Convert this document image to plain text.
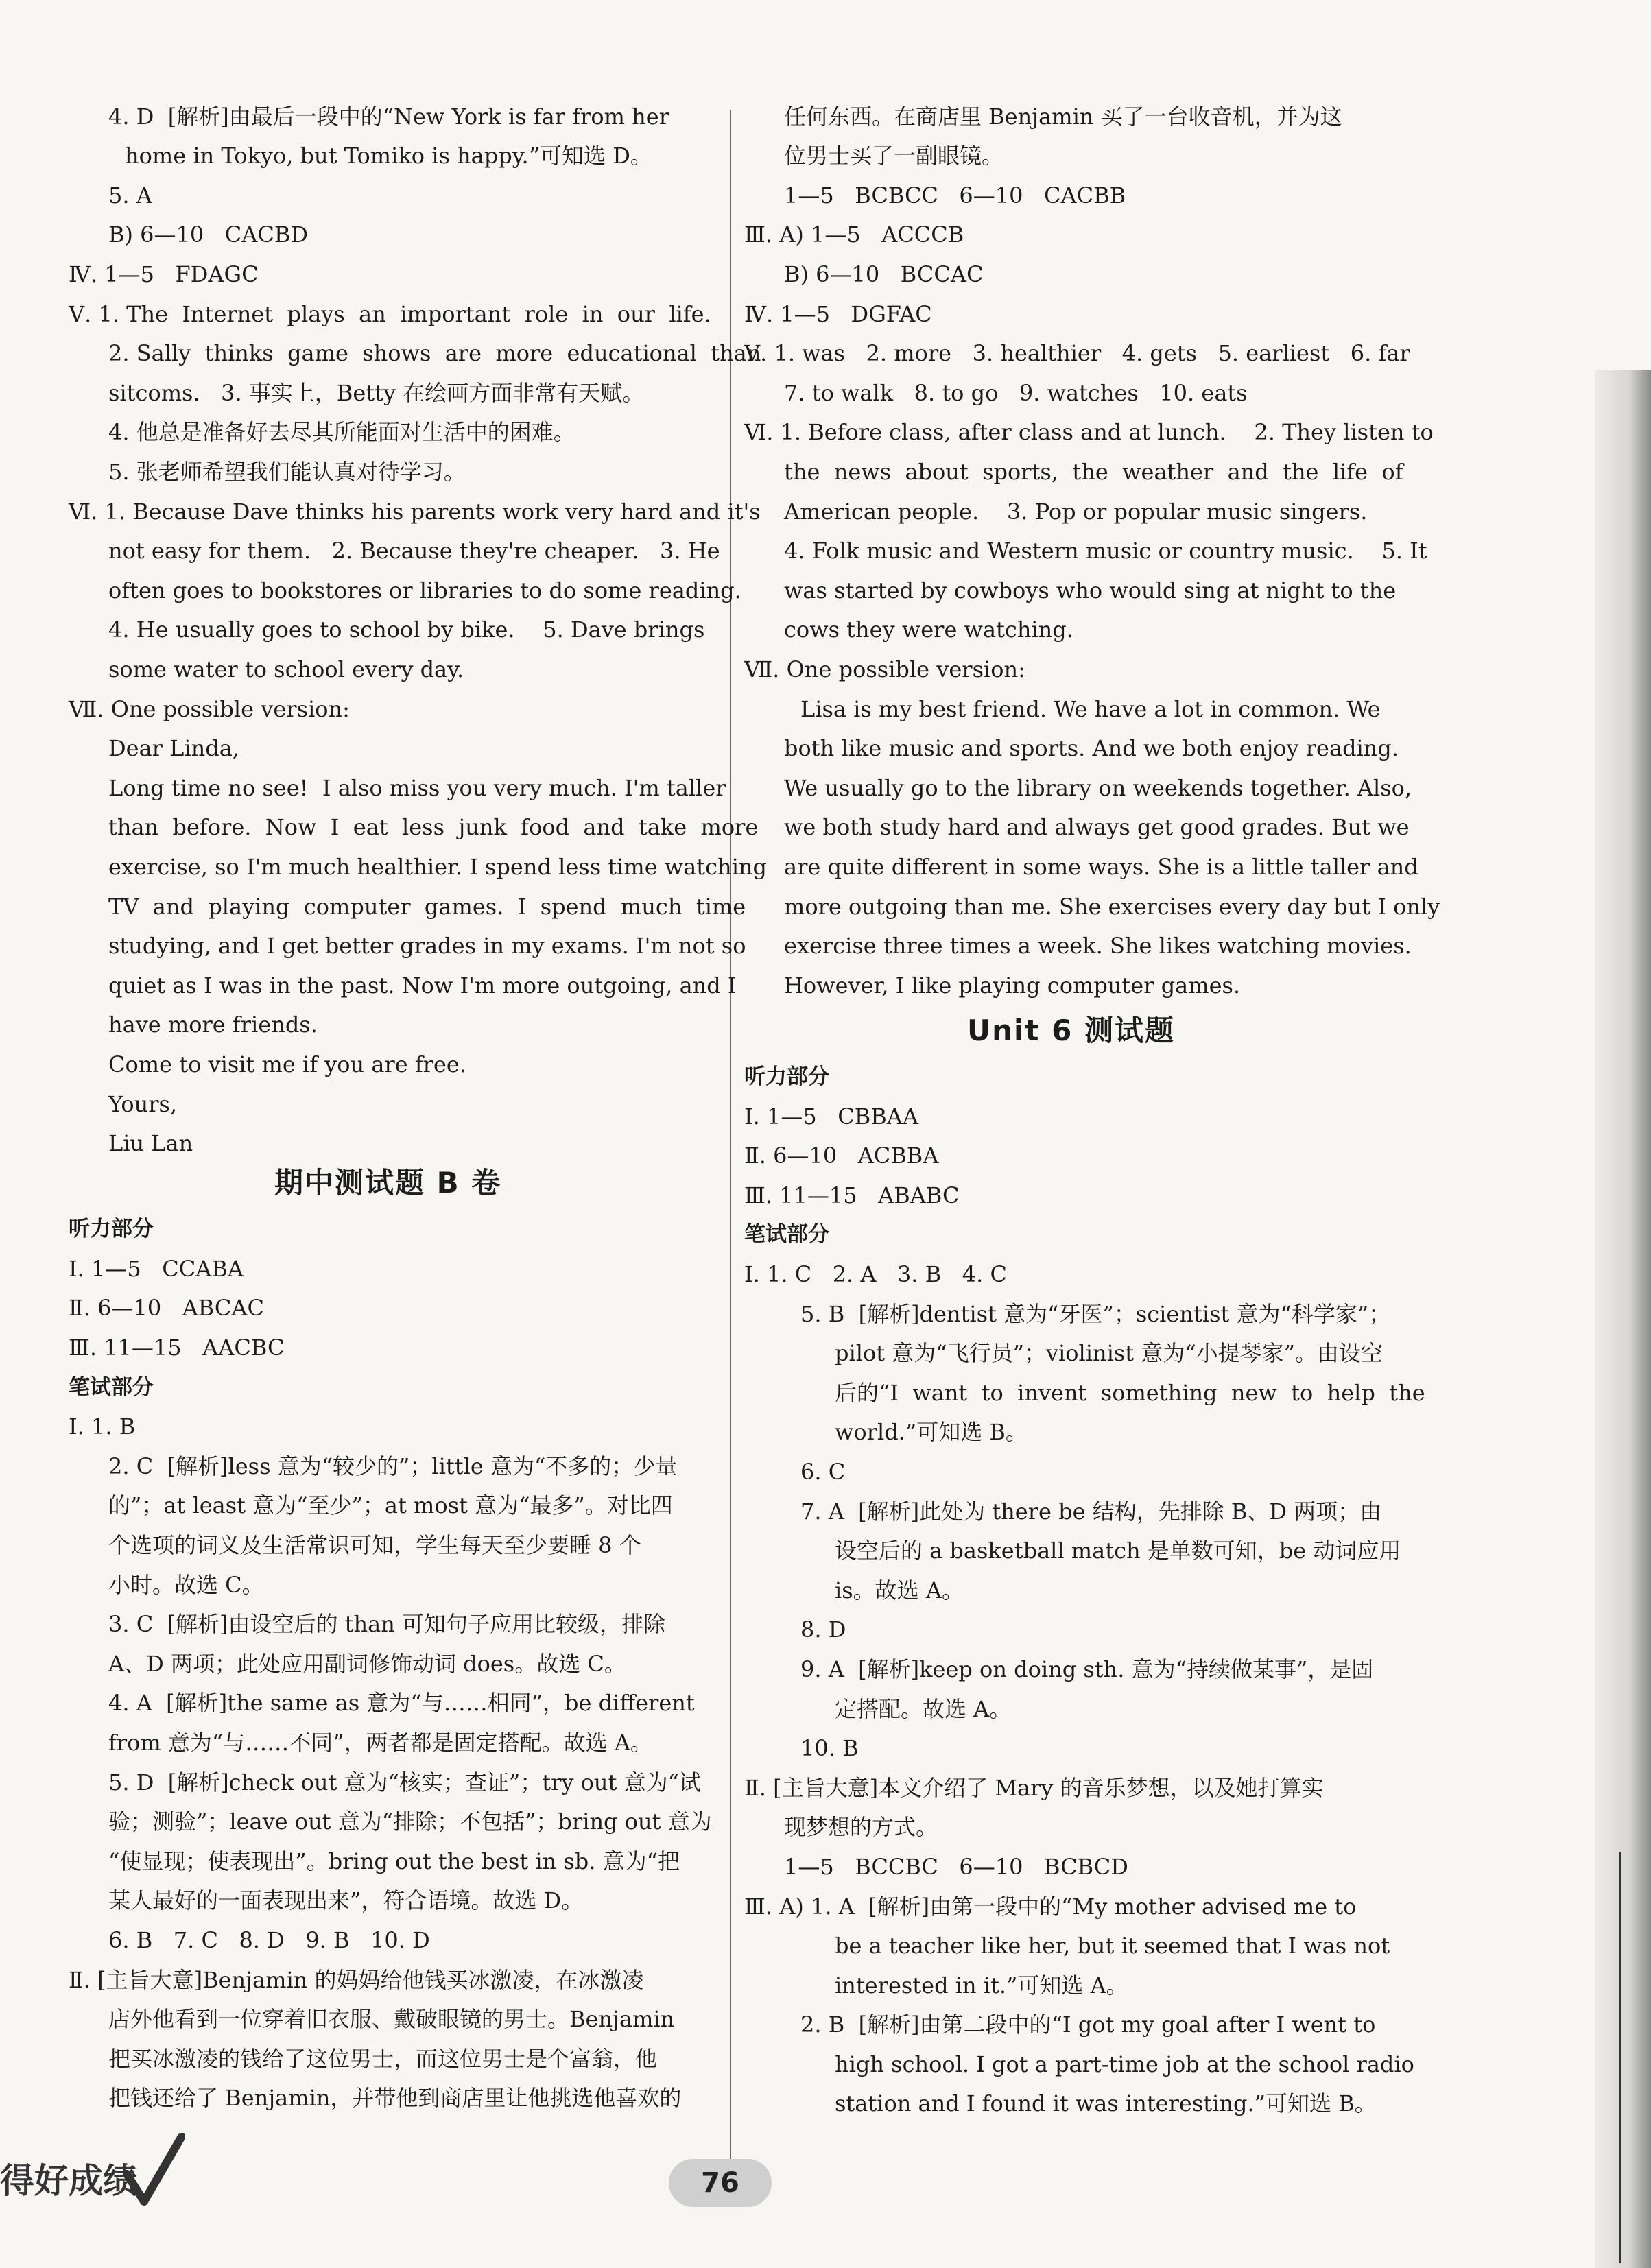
4. D  [解析]由最后一段中的“New York is far from her
home in Tokyo, but Tomiko is happy.”可知选 D。
5. A
B) 6—10   CACBD
Ⅳ. 1—5   FDAGC
Ⅴ. 1. The  Internet  plays  an  important  role  in  our  life.
2. Sally  thinks  game  shows  are  more  educational  than
sitcoms.   3. 事实上，Betty 在绘画方面非常有天赋。
4. 他总是准备好去尽其所能面对生活中的困难。
5. 张老师希望我们能认真对待学习。
Ⅵ. 1. Because Dave thinks his parents work very hard and it's
not easy for them.   2. Because they're cheaper.   3. He
often goes to bookstores or libraries to do some reading.
4. He usually goes to school by bike.    5. Dave brings
some water to school every day.
Ⅶ. One possible version:
Dear Linda,
Long time no see!  I also miss you very much. I'm taller
than  before.  Now  I  eat  less  junk  food  and  take  more
exercise, so I'm much healthier. I spend less time watching
TV  and  playing  computer  games.  I  spend  much  time
studying, and I get better grades in my exams. I'm not so
quiet as I was in the past. Now I'm more outgoing, and I
have more friends.
Come to visit me if you are free.
Yours,
Liu Lan
期中测试题 B 卷
听力部分
Ⅰ. 1—5   CCABA
Ⅱ. 6—10   ABCAC
Ⅲ. 11—15   AACBC
笔试部分
Ⅰ. 1. B
2. C  [解析]less 意为“较少的”；little 意为“不多的；少量
的”；at least 意为“至少”；at most 意为“最多”。对比四
个选项的词义及生活常识可知，学生每天至少要睡 8 个
小时。故选 C。
3. C  [解析]由设空后的 than 可知句子应用比较级，排除
A、D 两项；此处应用副词修饰动词 does。故选 C。
4. A  [解析]the same as 意为“与……相同”，be different
from 意为“与……不同”，两者都是固定搭配。故选 A。
5. D  [解析]check out 意为“核实；查证”；try out 意为“试
验；测验”；leave out 意为“排除；不包括”；bring out 意为
“使显现；使表现出”。bring out the best in sb. 意为“把
某人最好的一面表现出来”，符合语境。故选 D。
6. B   7. C   8. D   9. B   10. D
Ⅱ. [主旨大意]Benjamin 的妈妈给他钱买冰激凌，在冰激凌
店外他看到一位穿着旧衣服、戴破眼镜的男士。Benjamin
把买冰激凌的钱给了这位男士，而这位男士是个富翁，他
把钱还给了 Benjamin，并带他到商店里让他挑选他喜欢的
任何东西。在商店里 Benjamin 买了一台收音机，并为这
位男士买了一副眼镜。
1—5   BCBCC   6—10   CACBB
Ⅲ. A) 1—5   ACCCB
B) 6—10   BCCAC
Ⅳ. 1—5   DGFAC
Ⅴ. 1. was   2. more   3. healthier   4. gets   5. earliest   6. far
7. to walk   8. to go   9. watches   10. eats
Ⅵ. 1. Before class, after class and at lunch.    2. They listen to
the  news  about  sports,  the  weather  and  the  life  of
American people.    3. Pop or popular music singers.
4. Folk music and Western music or country music.    5. It
was started by cowboys who would sing at night to the
cows they were watching.
Ⅶ. One possible version:
Lisa is my best friend. We have a lot in common. We
both like music and sports. And we both enjoy reading.
We usually go to the library on weekends together. Also,
we both study hard and always get good grades. But we
are quite different in some ways. She is a little taller and
more outgoing than me. She exercises every day but I only
exercise three times a week. She likes watching movies.
However, I like playing computer games.
Unit 6 测试题
听力部分
Ⅰ. 1—5   CBBAA
Ⅱ. 6—10   ACBBA
Ⅲ. 11—15   ABABC
笔试部分
Ⅰ. 1. C   2. A   3. B   4. C
5. B  [解析]dentist 意为“牙医”；scientist 意为“科学家”；
pilot 意为“飞行员”；violinist 意为“小提琴家”。由设空
后的“I  want  to  invent  something  new  to  help  the
world.”可知选 B。
6. C
7. A  [解析]此处为 there be 结构，先排除 B、D 两项；由
设空后的 a basketball match 是单数可知，be 动词应用
is。故选 A。
8. D
9. A  [解析]keep on doing sth. 意为“持续做某事”，是固
定搭配。故选 A。
10. B
Ⅱ. [主旨大意]本文介绍了 Mary 的音乐梦想，以及她打算实
现梦想的方式。
1—5   BCCBC   6—10   BCBCD
Ⅲ. A) 1. A  [解析]由第一段中的“My mother advised me to
be a teacher like her, but it seemed that I was not
interested in it.”可知选 A。
2. B  [解析]由第二段中的“I got my goal after I went to
high school. I got a part-time job at the school radio
station and I found it was interesting.”可知选 B。
得好成绩	76
